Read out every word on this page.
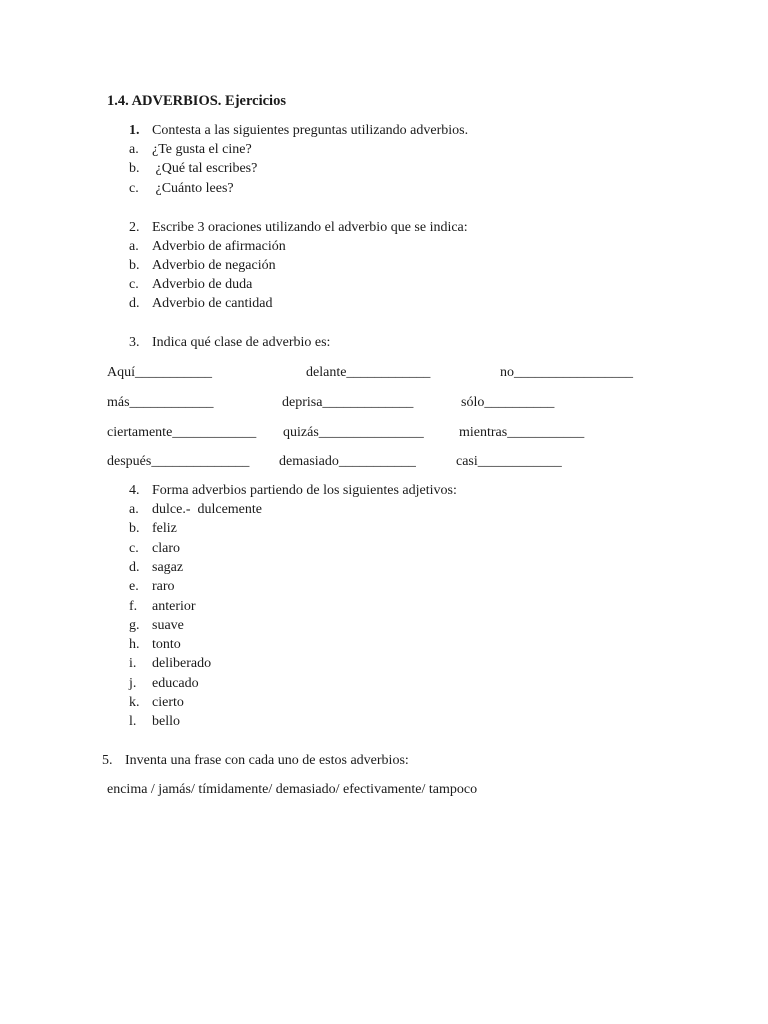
1.4. ADVERBIOS. Ejercicios
1. Contesta a las siguientes preguntas utilizando adverbios.
a. ¿Te gusta el cine?
b. ¿Qué tal escribes?
c. ¿Cuánto lees?
2. Escribe 3 oraciones utilizando el adverbio que se indica:
a. Adverbio de afirmación
b. Adverbio de negación
c. Adverbio de duda
d. Adverbio de cantidad
3. Indica qué clase de adverbio es:
Aquí___________	delante____________	no_________________
más____________	deprisa_____________	sólo__________
ciertamente____________ quizás_______________	mientras___________
después______________ demasiado___________	casi____________
4. Forma adverbios partiendo de los siguientes adjetivos:
a. dulce.-  dulcemente
b. feliz
c. claro
d. sagaz
e. raro
f. anterior
g. suave
h. tonto
i. deliberado
j. educado
k. cierto
l. bello
5. Inventa una frase con cada uno de estos adverbios:
encima / jamás/ tímidamente/ demasiado/ efectivamente/ tampoco
